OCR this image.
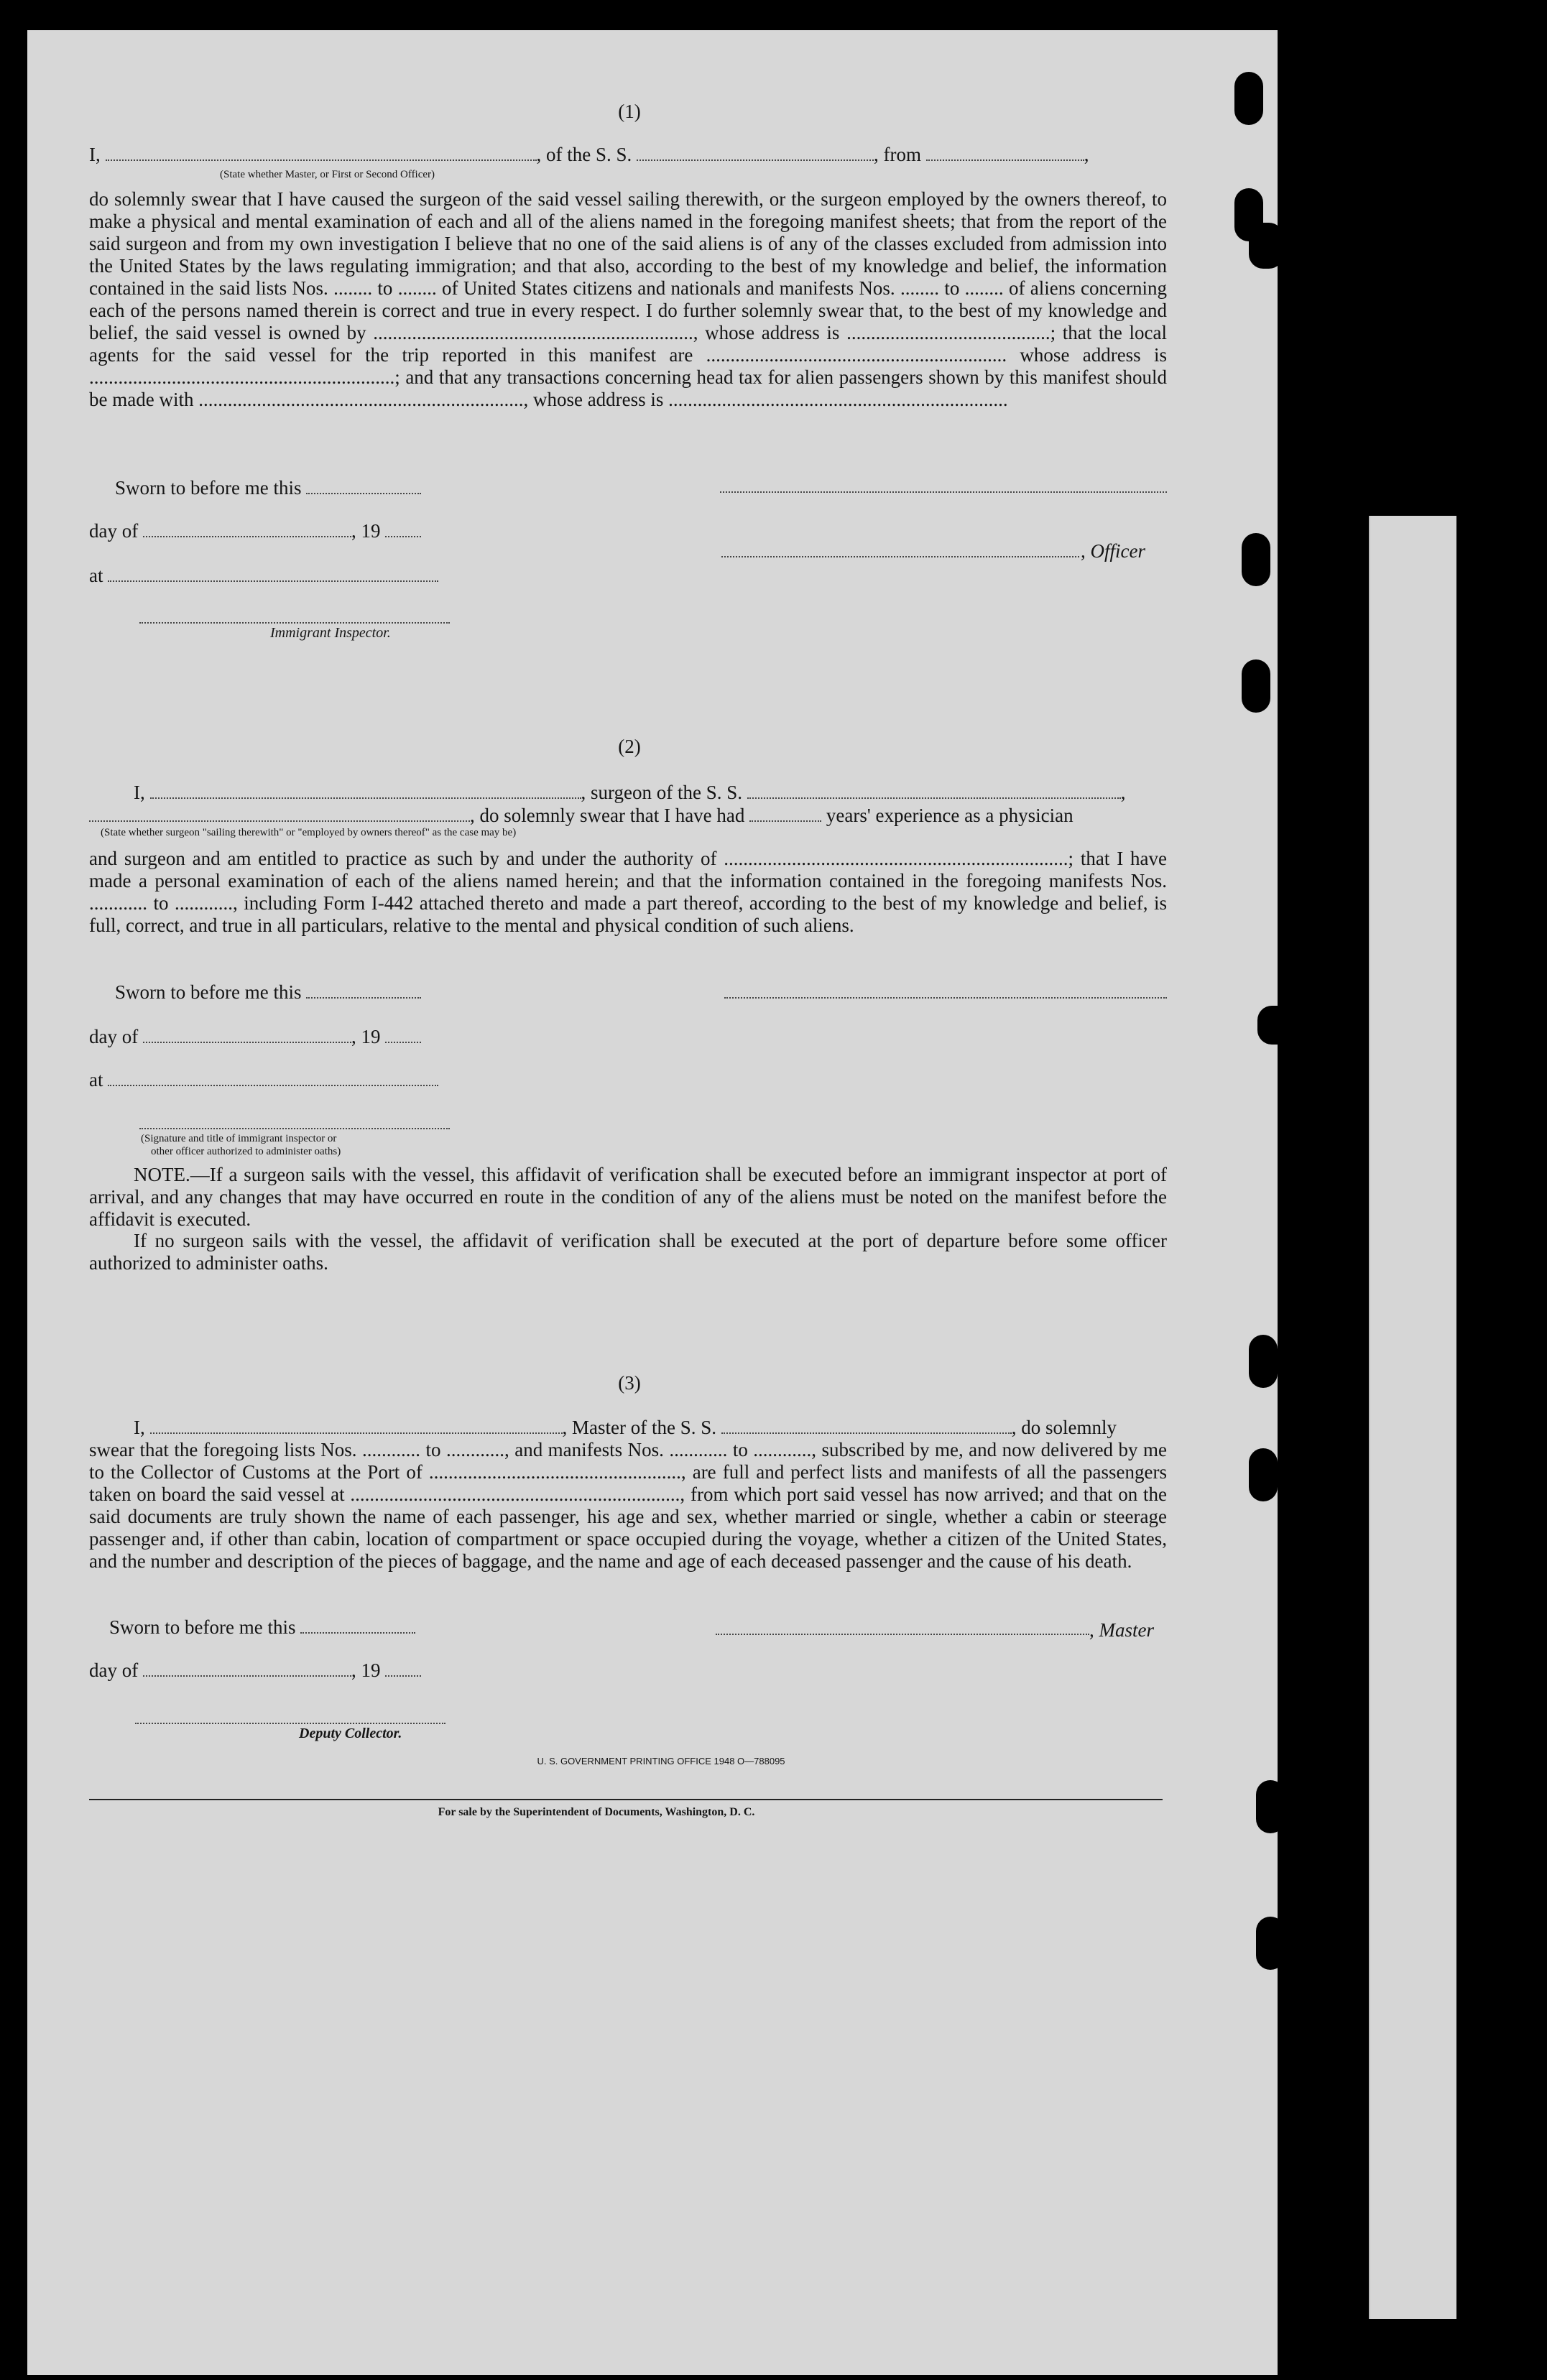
(1)
I,	, of the S. S.	, from	,
(State whether Master, or First or Second Officer)
do solemnly swear that I have caused the surgeon of the said vessel sailing therewith, or the surgeon employed by the owners thereof, to make a physical and mental examination of each and all of the aliens named in the foregoing manifest sheets; that from the report of the said surgeon and from my own investigation I believe that no one of the said aliens is of any of the classes excluded from admission into the United States by the laws regulating immigration; and that also, according to the best of my knowledge and belief, the information contained in the said lists Nos. ........ to ........ of United States citizens and nationals and manifests Nos. ........ to ........ of aliens concerning each of the persons named therein is correct and true in every respect. I do further solemnly swear that, to the best of my knowledge and belief, the said vessel is owned by .................................................................., whose address is ..........................................; that the local agents for the said vessel for the trip reported in this manifest are .............................................................. whose address is ...............................................................; and that any transactions concerning head tax for alien passengers shown by this manifest should be made with ..................................................................., whose address is ......................................................................
Sworn to before me this
day of	, 19
, Officer
at
Immigrant Inspector.
(2)
I,	, surgeon of the S. S.	,
, do solemnly swear that I have had	years' experience as a physician
(State whether surgeon "sailing therewith" or "employed by owners thereof" as the case may be)
and surgeon and am entitled to practice as such by and under the authority of .......................................................................; that I have made a personal examination of each of the aliens named herein; and that the information contained in the foregoing manifests Nos. ............ to ............, including Form I-442 attached thereto and made a part thereof, according to the best of my knowledge and belief, is full, correct, and true in all particulars, relative to the mental and physical condition of such aliens.
Sworn to before me this
day of	, 19
at
(Signature and title of immigrant inspector or
other officer authorized to administer oaths)
NOTE.—If a surgeon sails with the vessel, this affidavit of verification shall be executed before an immigrant inspector at port of arrival, and any changes that may have occurred en route in the condition of any of the aliens must be noted on the manifest before the affidavit is executed.
If no surgeon sails with the vessel, the affidavit of verification shall be executed at the port of departure before some officer authorized to administer oaths.
(3)
I,	, Master of the S. S.	, do solemnly
swear that the foregoing lists Nos. ............ to ............, and manifests Nos. ............ to ............, subscribed by me, and now delivered by me to the Collector of Customs at the Port of ...................................................., are full and perfect lists and manifests of all the passengers taken on board the said vessel at ...................................................................., from which port said vessel has now arrived; and that on the said documents are truly shown the name of each passenger, his age and sex, whether married or single, whether a cabin or steerage passenger and, if other than cabin, location of compartment or space occupied during the voyage, whether a citizen of the United States, and the number and description of the pieces of baggage, and the name and age of each deceased passenger and the cause of his death.
Sworn to before me this	, Master
day of	, 19
Deputy Collector.
U. S. GOVERNMENT PRINTING OFFICE 1948 O—788095
For sale by the Superintendent of Documents, Washington, D. C.
